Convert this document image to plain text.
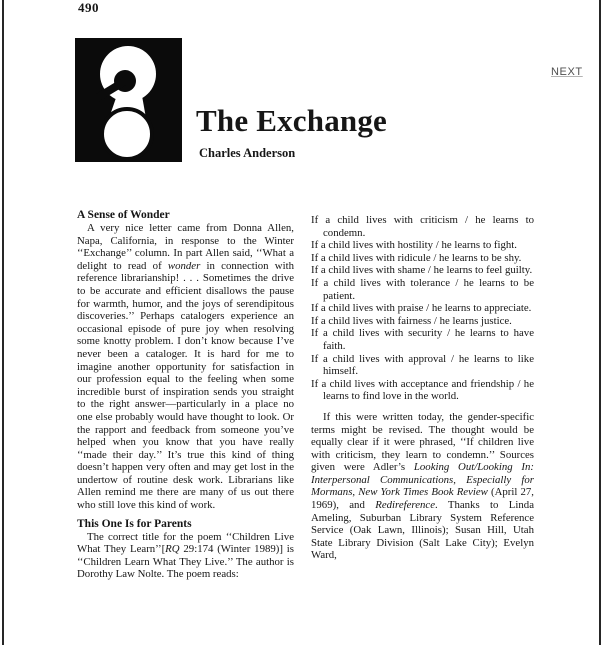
490
NEXT
The Exchange
Charles Anderson
A Sense of Wonder

A very nice letter came from Donna Allen, Napa, California, in response to the Winter ‘‘Exchange’’ column. In part Allen said, ‘‘What a delight to read of wonder in connection with reference librarianship! . . . Sometimes the drive to be accurate and efficient disallows the pause for warmth, humor, and the joys of serendipitous discoveries.’’ Perhaps catalogers experience an occasional episode of pure joy when resolving some knotty problem. I don’t know because I’ve never been a cataloger. It is hard for me to imagine another opportunity for satisfaction in our profession equal to the feeling when some incredible burst of inspiration sends you straight to the right answer—particularly in a place no one else probably would have thought to look. Or the rapport and feedback from someone you’ve helped when you know that you have really ‘‘made their day.’’ It’s true this kind of thing doesn’t happen very often and may get lost in the undertow of routine desk work. Librarians like Allen remind me there are many of us out there who still love this kind of work.

This One Is for Parents

The correct title for the poem ‘‘Children Live What They Learn’’[RQ 29:174 (Winter 1989)] is ‘‘Children Learn What They Live.’’ The author is Dorothy Law Nolte. The poem reads:

If a child lives with criticism / he learns to condemn.
If a child lives with hostility / he learns to fight.
If a child lives with ridicule / he learns to be shy.
If a child lives with shame / he learns to feel guilty.
If a child lives with tolerance / he learns to be patient.
If a child lives with praise / he learns to appreciate.
If a child lives with fairness / he learns justice.
If a child lives with security / he learns to have faith.
If a child lives with approval / he learns to like himself.
If a child lives with acceptance and friendship / he learns to find love in the world.

If this were written today, the gender-specific terms might be revised. The thought would be equally clear if it were phrased, ‘‘If children live with criticism, they learn to condemn.’’ Sources given were Adler’s Looking Out/Looking In: Interpersonal Communications, Especially for Mormans, New York Times Book Review (April 27, 1969), and Redireference. Thanks to Linda Ameling, Suburban Library System Reference Service (Oak Lawn, Illinois); Susan Hill, Utah State Library Division (Salt Lake City); Evelyn Ward,
